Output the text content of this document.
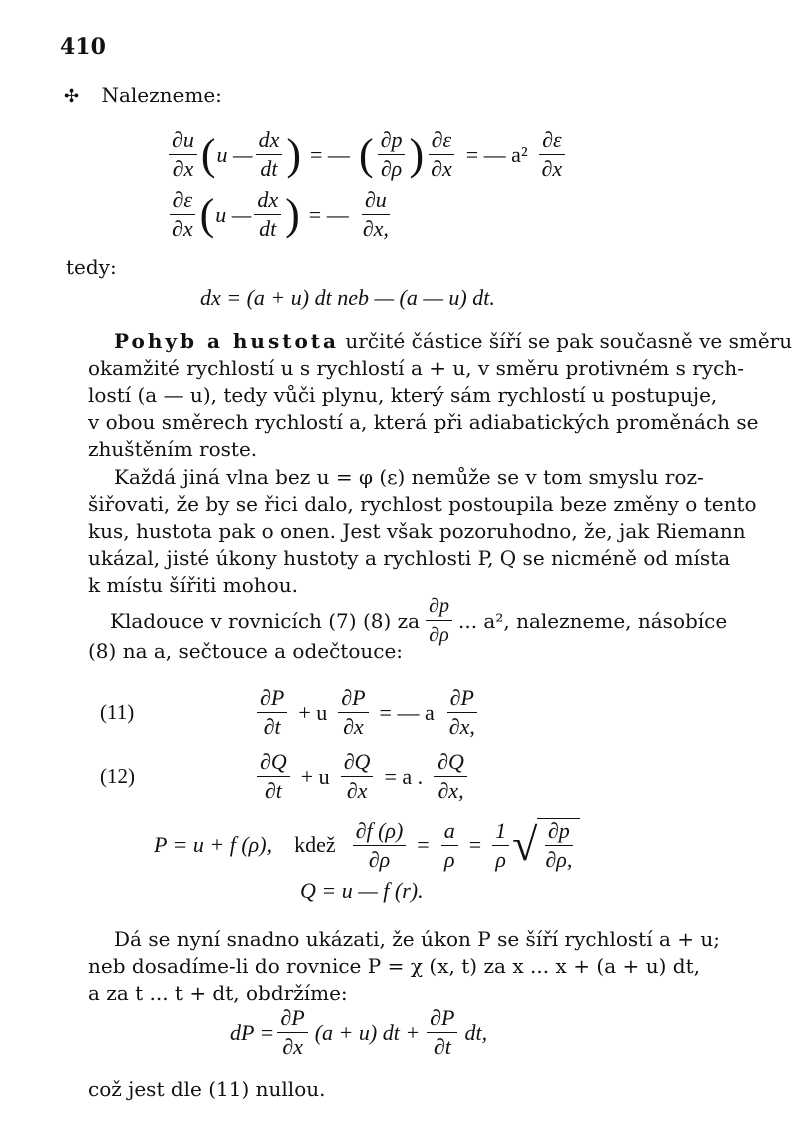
410
✣ Nalezneme:
$\frac{\partial u}{\partial x}$ ( u — $\frac{dx}{dt}$ ) = — ( $\frac{\partial p}{\partial\rho}$ ) $\frac{\partial\varepsilon}{\partial x}$ = — $a^2 \frac{\partial\varepsilon}{\partial x}$
$\frac{\partial\varepsilon}{\partial x}$ ( u — $\frac{dx}{dt}$ ) = — $\frac{\partial u}{\partial x,}$
tedy:
dx = (a + u) dt neb — (a — u) dt.
Pohyb a hustota určité částice šíří se pak současně ve směru
okamžité rychlostí u s rychlostí a + u, v směru protivném s rych-
lostí (a — u), tedy vůči plynu, který sám rychlostí u postupuje,
v obou směrech rychlostí a, která při adiabatických proměnách se
zhuštěním roste.
Každá jiná vlna bez u = φ (ε) nemůže se v tom smyslu roz-
šiřovati, že by se řici dalo, rychlost postoupila beze změny o tento
kus, hustota pak o onen. Jest však pozoruhodno, že, jak Riemann
ukázal, jisté úkony hustoty a rychlosti P, Q se nicméně od místa
k místu šířiti mohou.
Kladouce v rovnicích (7) (8) za $\frac{\partial p}{\partial\rho}$ ... a², nalezneme, násobíce
(8) na a, sečtouce a odečtouce:
(11)	$\frac{\partial P}{\partial t} + u \frac{\partial P}{\partial x}$ = — a $\frac{\partial P}{\partial x,}$
(12)	$\frac{\partial Q}{\partial t} + u \frac{\partial Q}{\partial x} = a$ . $\frac{\partial Q}{\partial x,}$
P = u + f (ρ), kdež $\frac{\partial f (\rho)}{\partial\rho} = \frac{a}{\rho} = \frac{1}{\rho}$ √ $\frac{\partial p}{\partial\rho,}$
Q = u — f (r).
Dá se nyní snadno ukázati, že úkon P se šíří rychlostí a + u;
neb dosadíme-li do rovnice P = χ (x, t) za x ... x + (a + u) dt,
a za t ... t + dt, obdržíme:
dP = $\frac{\partial P}{\partial x} (a + u)$ dt + $\frac{\partial P}{\partial t}$ dt,
což jest dle (11) nullou.
